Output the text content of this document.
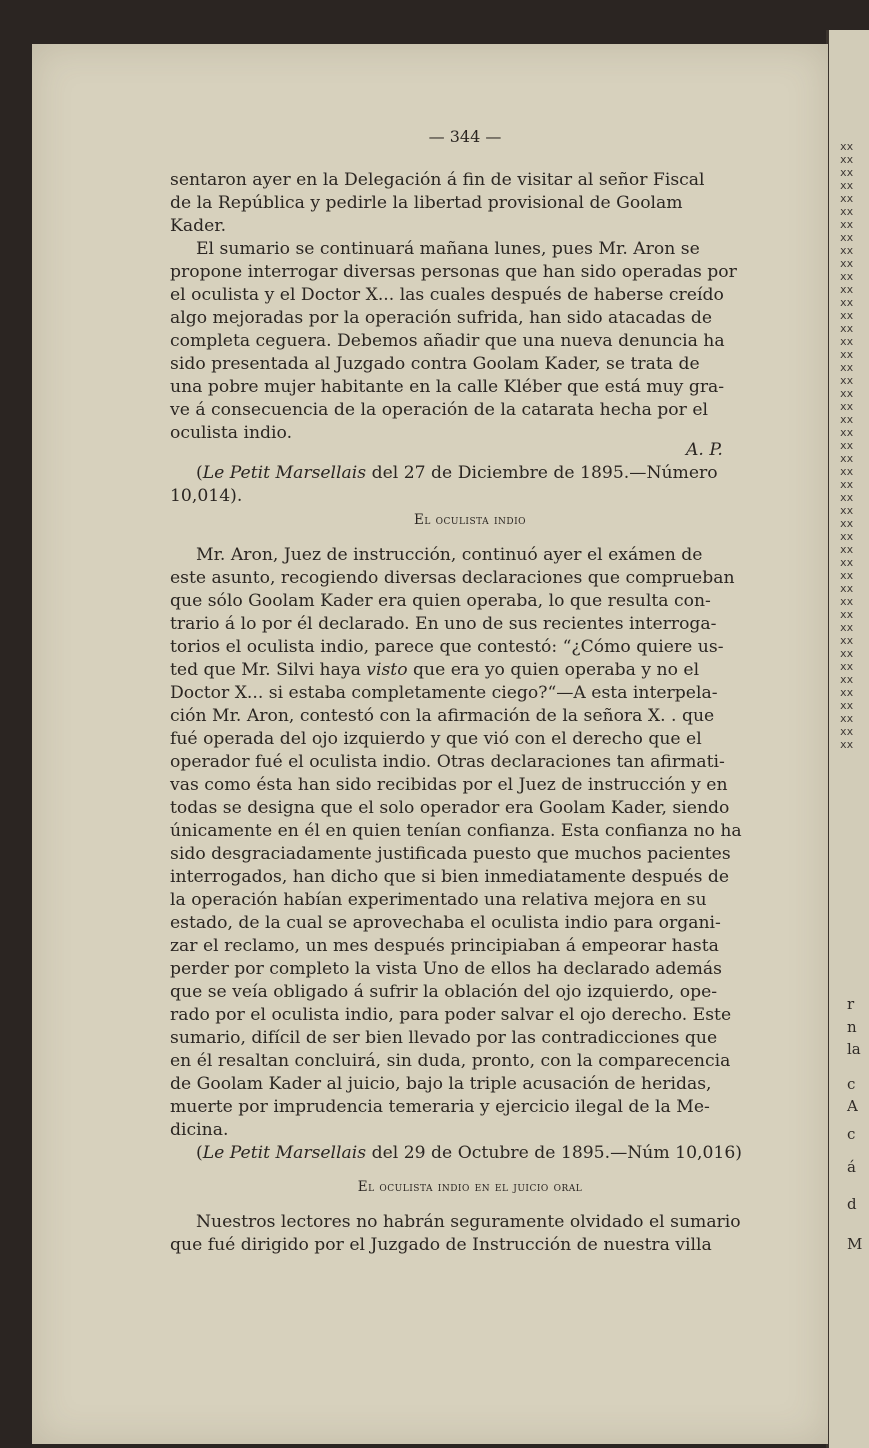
xx
xx
xx
xx
xx
xx
xx
xx
xx
xx
xx
xx
xx
xx
xx
xx
xx
xx
xx
xx
xx
xx
xx
xx
xx
xx
xx
xx
xx
xx
xx
xx
xx
xx
xx
xx
xx
xx
xx
xx
xx
xx
xx
xx
xx
xx
xx
r
n
la
c
A
c
á
d
M
— 344 —
sentaron ayer en la Delegación á fin de visitar al señor Fiscal
de la República y pedirle la libertad provisional de Goolam
Kader.
El sumario se continuará mañana lunes, pues Mr. Aron se
propone interrogar diversas personas que han sido operadas por
el oculista y el Doctor X... las cuales después de haberse creído
algo mejoradas por la operación sufrida, han sido atacadas de
completa ceguera. Debemos añadir que una nueva denuncia ha
sido presentada al Juzgado contra Goolam Kader, se trata de
una pobre mujer habitante en la calle Kléber que está muy gra-
ve á consecuencia de la operación de la catarata hecha por el
oculista indio.
A. P.
(Le Petit Marsellais del 27 de Diciembre de 1895.—Número
10,014).
El oculista indio
Mr. Aron, Juez de instrucción, continuó ayer el exámen de
este asunto, recogiendo diversas declaraciones que comprueban
que sólo Goolam Kader era quien operaba, lo que resulta con-
trario á lo por él declarado. En uno de sus recientes interroga-
torios el oculista indio, parece que contestó: “¿Cómo quiere us-
ted que Mr. Silvi haya visto que era yo quien operaba y no el
Doctor X... si estaba completamente ciego?“—A esta interpela-
ción Mr. Aron, contestó con la afirmación de la señora X. . que
fué operada del ojo izquierdo y que vió con el derecho que el
operador fué el oculista indio. Otras declaraciones tan afirmati-
vas como ésta han sido recibidas por el Juez de instrucción y en
todas se designa que el solo operador era Goolam Kader, siendo
únicamente en él en quien tenían confianza. Esta confianza no ha
sido desgraciadamente justificada puesto que muchos pacientes
interrogados, han dicho que si bien inmediatamente después de
la operación habían experimentado una relativa mejora en su
estado, de la cual se aprovechaba el oculista indio para organi-
zar el reclamo, un mes después principiaban á empeorar hasta
perder por completo la vista Uno de ellos ha declarado además
que se veía obligado á sufrir la oblación del ojo izquierdo, ope-
rado por el oculista indio, para poder salvar el ojo derecho. Este
sumario, difícil de ser bien llevado por las contradicciones que
en él resaltan concluirá, sin duda, pronto, con la comparecencia
de Goolam Kader al juicio, bajo la triple acusación de heridas,
muerte por imprudencia temeraria y ejercicio ilegal de la Me-
dicina.
(Le Petit Marsellais del 29 de Octubre de 1895.—Núm 10,016)
El oculista indio en el juicio oral
Nuestros lectores no habrán seguramente olvidado el sumario
que fué dirigido por el Juzgado de Instrucción de nuestra villa
